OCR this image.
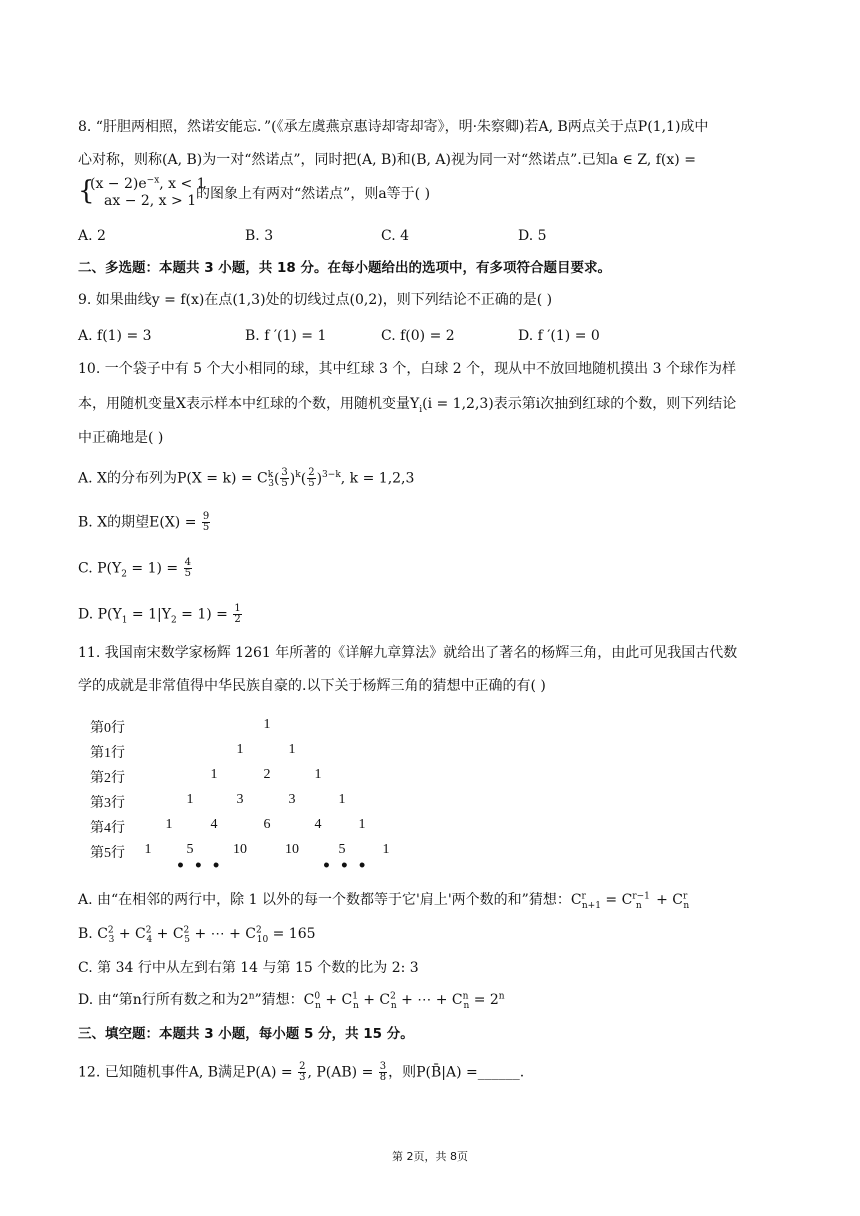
8. “肝胆两相照，然诺安能忘．”(《承左虞燕京惠诗却寄却寄》，明·朱察卿)若A, B两点关于点P(1,1)成中
心对称，则称(A, B)为一对“然诺点”，同时把(A, B)和(B, A)视为同一对“然诺点”.已知a ∈ Z, f(x) =
{
$(x - 2)e^{-x}$, x < 1
ax − 2, x > 1 的图象上有两对“然诺点”，则a等于( )
A. 2	B. 3	C. 4	D. 5
二、多选题：本题共 3 小题，共 18 分。在每小题给出的选项中，有多项符合题目要求。
9. 如果曲线y = f(x)在点(1,3)处的切线过点(0,2)，则下列结论不正确的是( )
A. f(1) = 3	B. f ′(1) = 1	C. f(0) = 2	D. f ′(1) = 0
10. 一个袋子中有 5 个大小相同的球，其中红球 3 个，白球 2 个，现从中不放回地随机摸出 3 个球作为样
本，用随机变量X表示样本中红球的个数，用随机变量$Y_i(i = 1,2,3)$表示第i次抽到红球的个数，则下列结论
中正确地是( )
A. X的分布列为$P(X = k) = C^k_3( \frac{3}{5} )^k( \frac{2}{5} )^{3-k}$, k = 1,2,3
B. X的期望$E(X) = \frac{9}{5}$
C. $P(Y_2 = 1) = \frac{4}{5}$
D. $P(Y_1 = 1|Y_2 = 1) = \frac{1}{2}$
11. 我国南宋数学家杨辉 1261 年所著的《详解九章算法》就给出了著名的杨辉三角，由此可见我国古代数
学的成就是非常值得中华民族自豪的.以下关于杨辉三角的猜想中正确的有( )
第0行	1
第1行	1	1
第2行	1	2	1
第3行	1	3	3	1
第4行	1	4	6	4	1
第5行	1	5	10	10	5	1
• • •	• • •
A. 由“在相邻的两行中，除 1 以外的每一个数都等于它'肩上'两个数的和”猜想：$C^r_{n+1} = C^{r-1}_n + C^r_n$
B. $C^2_3 + C^2_4 + C^2_5$ + ⋯ + $C^2_{10} = 165$
C. 第 34 行中从左到右第 14 与第 15 个数的比为 2: 3
D. 由“第n行所有数之和为2$^n$”猜想：$C^0_n + C^1_n + C^2_n$ + ⋯ + $C^n_n = 2^n$
三、填空题：本题共 3 小题，每小题 5 分，共 15 分。
12. 已知随机事件A, B满足$P(A) = \frac{2}{3}$ , $P(AB) = \frac{3}{8}$ ，则P(B̄|A) =______.
第 2页，共 8页
